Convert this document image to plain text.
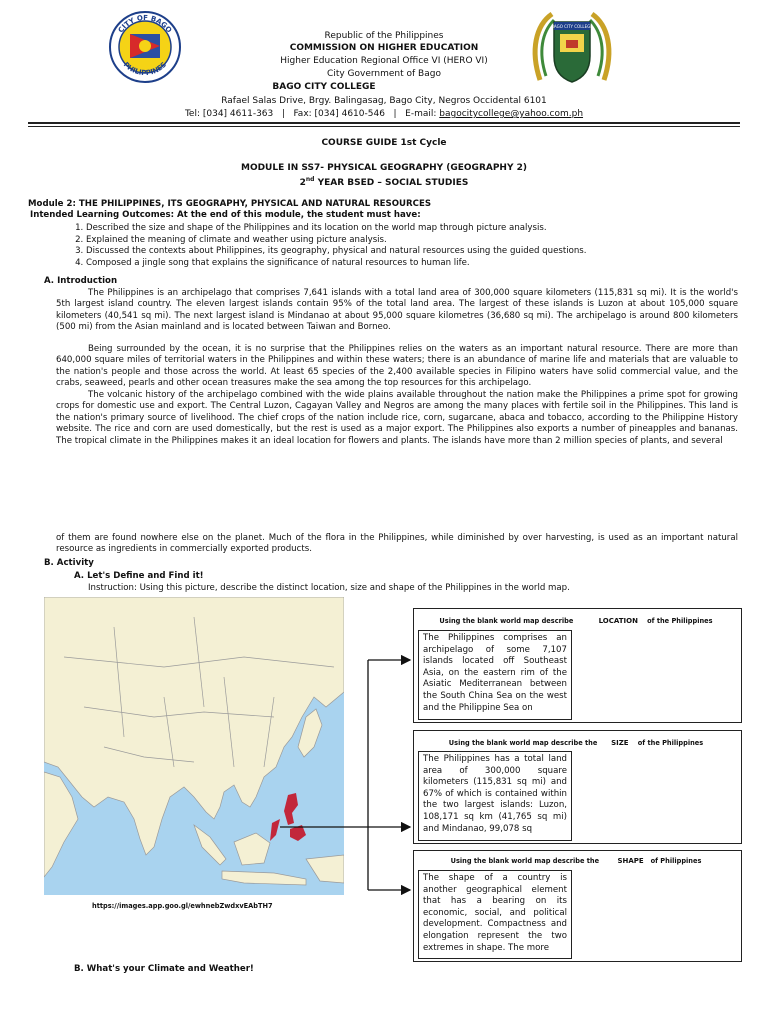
CITY OF BAGO
PHILIPPINES
BAGO CITY COLLEGE
Republic of the Philippines
COMMISSION ON HIGHER EDUCATION
Higher Education Regional Office VI (HERO VI)
City Government of Bago
BAGO CITY COLLEGE
Rafael Salas Drive, Brgy. Balingasag, Bago City, Negros Occidental 6101
Tel: [034] 4611-363   |   Fax: [034] 4610-546   |   E-mail: bagocitycollege@yahoo.com.ph
COURSE GUIDE 1st Cycle
MODULE IN SS7- PHYSICAL GEOGRAPHY (GEOGRAPHY 2)
2nd YEAR BSED – SOCIAL STUDIES
Module 2: THE PHILIPPINES, ITS GEOGRAPHY, PHYSICAL AND NATURAL RESOURCES
Intended Learning Outcomes: At the end of this module, the student must have:
1. Described the size and shape of the Philippines and its location on the world map through picture analysis.
2. Explained the meaning of climate and weather using picture analysis.
3. Discussed the contexts about Philippines, its geography, physical and natural resources using the guided questions.
4. Composed a jingle song that explains the significance of natural resources to human life.
A. Introduction
The Philippines is an archipelago that comprises 7,641 islands with a total land area of 300,000 square kilometers (115,831 sq mi). It is the world's 5th largest island country. The eleven largest islands contain 95% of the total land area. The largest of these islands is Luzon at about 105,000 square kilometers (40,541 sq mi). The next largest island is Mindanao at about 95,000 square kilometres (36,680 sq mi). The archipelago is around 800 kilometers (500 mi) from the Asian mainland and is located between Taiwan and Borneo.
Being surrounded by the ocean, it is no surprise that the Philippines relies on the waters as an important natural resource. There are more than 640,000 square miles of territorial waters in the Philippines and within these waters; there is an abundance of marine life and materials that are valuable to the nation's people and those across the world. At least 65 species of the 2,400 available species in Filipino waters have solid commercial value, and the crabs, seaweed, pearls and other ocean treasures make the sea among the top resources for this archipelago.
The volcanic history of the archipelago combined with the wide plains available throughout the nation make the Philippines a prime spot for growing crops for domestic use and export. The Central Luzon, Cagayan Valley and Negros are among the many places with fertile soil in the Philippines. This land is the nation's primary source of livelihood. The chief crops of the nation include rice, corn, sugarcane, abaca and tobacco, according to the Philippine History website. The rice and corn are used domestically, but the rest is used as a major export. The Philippines also exports a number of pineapples and bananas. The tropical climate in the Philippines makes it an ideal location for flowers and plants. The islands have more than 2 million species of plants, and several
of them are found nowhere else on the planet. Much of the flora in the Philippines, while diminished by over harvesting, is used as an important natural resource as ingredients in commercially exported products.
B. Activity
A. Let's Define and Find it!
Instruction: Using this picture, describe the distinct location, size and shape of the Philippines in the world map.
https://images.app.goo.gl/ewhnebZwdxvEAbTH7
Using the blank world map describe	LOCATION of the Philippines

The Philippines comprises an archipelago of some 7,107 islands located off Southeast Asia, on the eastern rim of the Asiatic Mediterranean between the South China Sea on the west and the Philippine Sea on

Using the blank world map describe the SIZE of the Philippines

The Philippines has a total land area of 300,000 square kilometers (115,831 sq mi) and 67% of which is contained within the two largest islands: Luzon, 108,171 sq km (41,765 sq mi) and Mindanao, 99,078 sq

Using the blank world map describe the	SHAPE of Philippines

The shape of a country is another geographical element that has a bearing on its economic, social, and political development. Compactness and elongation represent the two extremes in shape. The more

B. What's your Climate and Weather!
